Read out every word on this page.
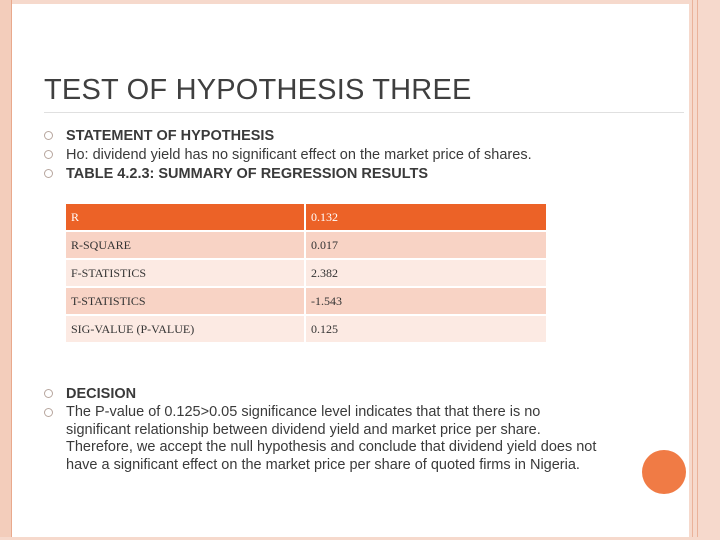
TEST OF HYPOTHESIS THREE
STATEMENT OF HYPOTHESIS
Ho: dividend yield has no significant effect on the market price of shares.
TABLE 4.2.3: SUMMARY OF REGRESSION RESULTS
R	0.132
R-SQUARE	0.017
F-STATISTICS	2.382
T-STATISTICS	-1.543
SIG-VALUE (P-VALUE)	0.125
DECISION
The P-value of 0.125>0.05 significance level indicates that that there is no significant relationship between dividend yield and market price per share. Therefore, we accept the null hypothesis and conclude that dividend yield does not have a significant effect on the market price per share of quoted firms in Nigeria.
